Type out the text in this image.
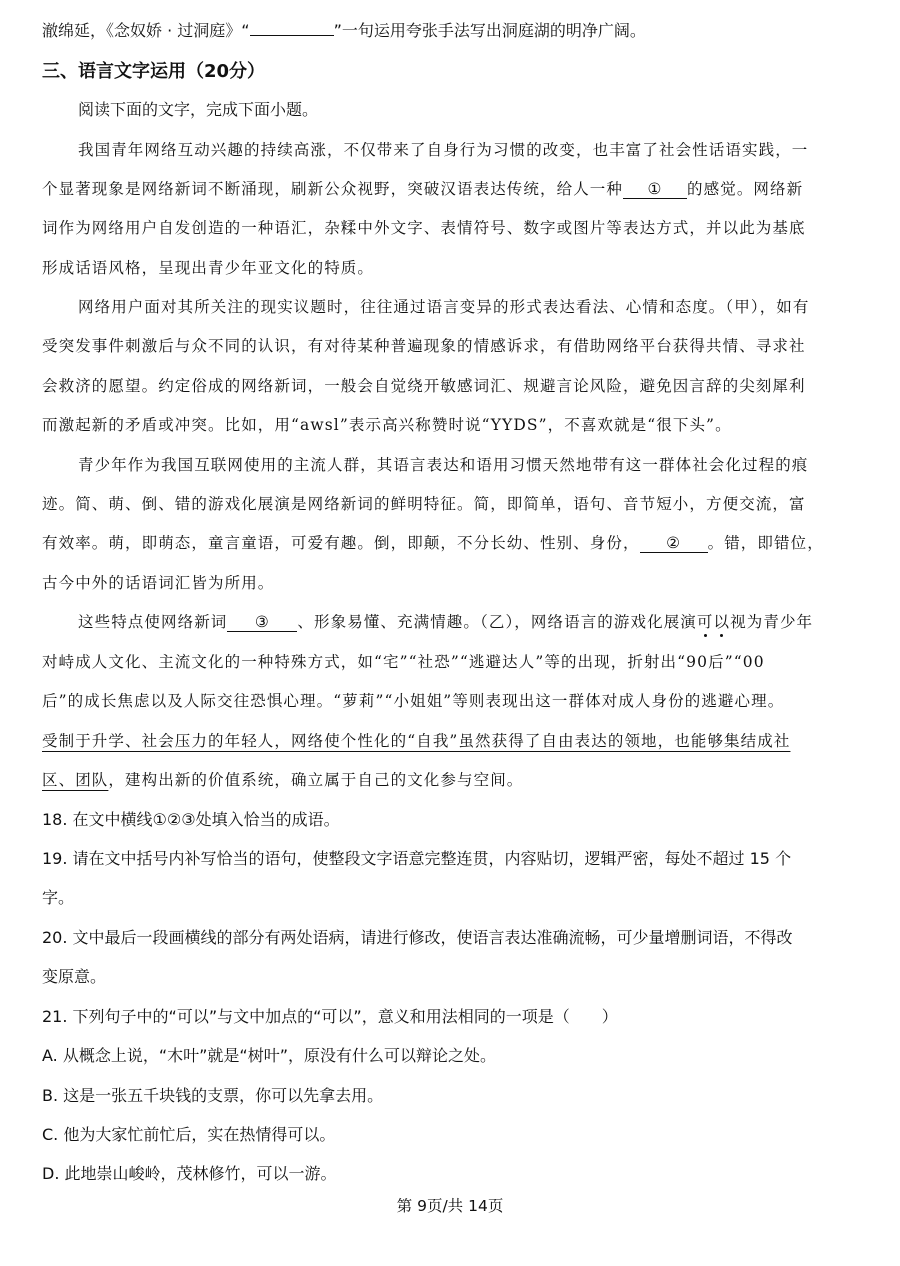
澈绵延，《念奴娇 · 过洞庭》“	”一句运用夸张手法写出洞庭湖的明净广阔。
三、语言文字运用（20分）
阅读下面的文字，完成下面小题。
我国青年网络互动兴趣的持续高涨，不仅带来了自身行为习惯的改变，也丰富了社会性话语实践，一
个显著现象是网络新词不断涌现，刷新公众视野，突破汉语表达传统，给人一种 ① 的感觉。网络新
词作为网络用户自发创造的一种语汇，杂糅中外文字、表情符号、数字或图片等表达方式，并以此为基底
形成话语风格，呈现出青少年亚文化的特质。
网络用户面对其所关注的现实议题时，往往通过语言变异的形式表达看法、心情和态度。（甲），如有
受突发事件刺激后与众不同的认识，有对待某种普遍现象的情感诉求，有借助网络平台获得共情、寻求社
会救济的愿望。约定俗成的网络新词，一般会自觉绕开敏感词汇、规避言论风险，避免因言辞的尖刻犀利
而激起新的矛盾或冲突。比如，用“awsl”表示高兴称赞时说“YYDS”，不喜欢就是“很下头”。
青少年作为我国互联网使用的主流人群，其语言表达和语用习惯天然地带有这一群体社会化过程的痕
迹。简、萌、倒、错的游戏化展演是网络新词的鲜明特征。简，即简单，语句、音节短小，方便交流，富
有效率。萌，即萌态，童言童语，可爱有趣。倒，即颠，不分长幼、性别、身份， ② 。错，即错位，
古今中外的话语词汇皆为所用。
这些特点使网络新词 ③ 、形象易懂、充满情趣。（乙），网络语言的游戏化展演可以视为青少年
对峙成人文化、主流文化的一种特殊方式，如“宅”“社恐”“逃避达人”等的出现，折射出“90后”“00
后”的成长焦虑以及人际交往恐惧心理。“萝莉”“小姐姐”等则表现出这一群体对成人身份的逃避心理。
受制于升学、社会压力的年轻人，网络使个性化的“自我”虽然获得了自由表达的领地，也能够集结成社
区、团队，建构出新的价值系统，确立属于自己的文化参与空间。
18. 在文中横线①②③处填入恰当的成语。
19. 请在文中括号内补写恰当的语句，使整段文字语意完整连贯，内容贴切，逻辑严密，每处不超过 15 个
字。
20. 文中最后一段画横线的部分有两处语病，请进行修改，使语言表达准确流畅，可少量增删词语，不得改
变原意。
21. 下列句子中的“可以”与文中加点的“可以”，意义和用法相同的一项是（　　）
A. 从概念上说，“木叶”就是“树叶”，原没有什么可以辩论之处。
B. 这是一张五千块钱的支票，你可以先拿去用。
C. 他为大家忙前忙后，实在热情得可以。
D. 此地崇山峻岭，茂林修竹，可以一游。
第 9页/共 14页
